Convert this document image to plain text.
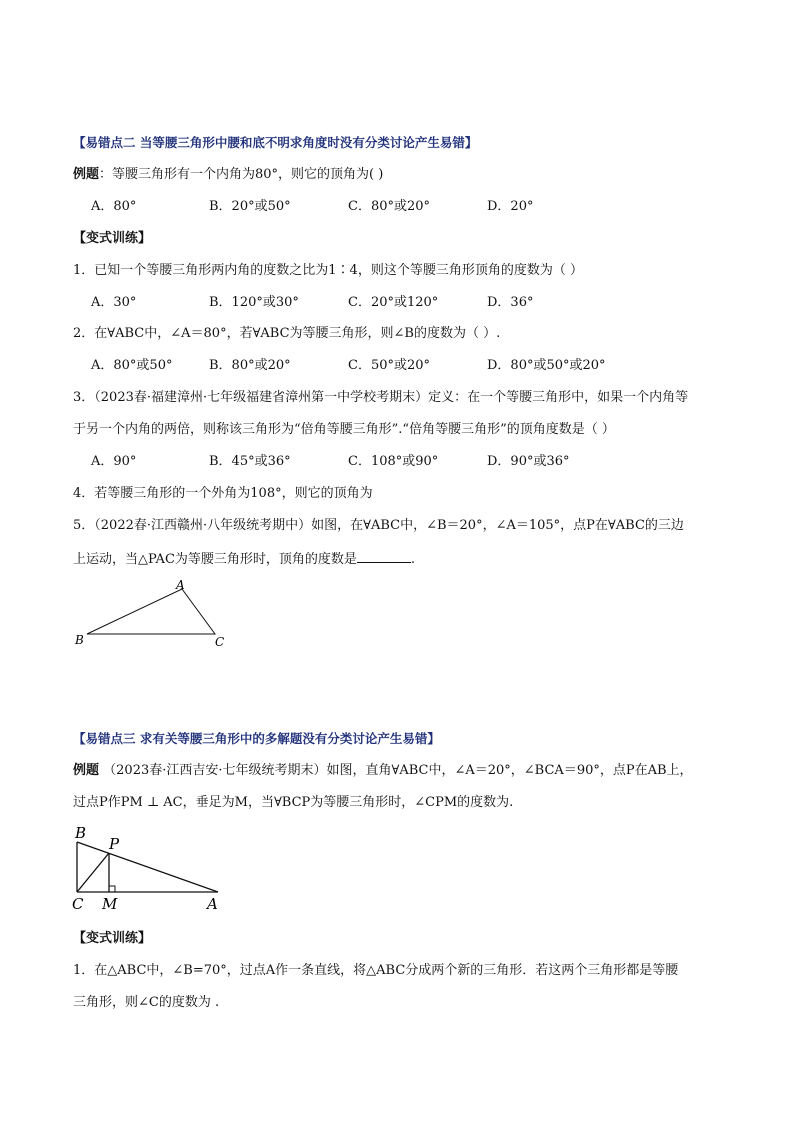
【易错点二 当等腰三角形中腰和底不明求角度时没有分类讨论产生易错】
例题：等腰三角形有一个内角为80°，则它的顶角为( )
A．80°	B．20°或50°	C．80°或20°	D．20°
【变式训练】
1．已知一个等腰三角形两内角的度数之比为1∶4，则这个等腰三角形顶角的度数为（ ）
A．30°	B．120°或30°	C．20°或120°	D．36°
2．在∀ABC中，∠A＝80°，若∀ABC为等腰三角形，则∠B的度数为（ ）.
A．80°或50°	B．80°或20°	C．50°或20°	D．80°或50°或20°
3．（2023春·福建漳州·七年级福建省漳州第一中学校考期末）定义：在一个等腰三角形中，如果一个内角等
于另一个内角的两倍，则称该三角形为“倍角等腰三角形”.“倍角等腰三角形”的顶角度数是（ ）
A．90°	B．45°或36°	C．108°或90°	D．90°或36°
4．若等腰三角形的一个外角为108°，则它的顶角为
5．（2022春·江西赣州·八年级统考期中）如图，在∀ABC中，∠B＝20°，∠A＝105°，点P在∀ABC的三边
上运动，当△PAC为等腰三角形时，顶角的度数是	.
A
B	C
【易错点三 求有关等腰三角形中的多解题没有分类讨论产生易错】
例题 （2023春·江西吉安·七年级统考期末）如图，直角∀ABC中，∠A＝20°，∠BCA＝90°，点P在AB上，
过点P作PM ⊥ AC，垂足为M，当∀BCP为等腰三角形时，∠CPM的度数为.
B
P
C M	A
【变式训练】
1．在△ABC中，∠B=70°，过点A作一条直线，将△ABC分成两个新的三角形．若这两个三角形都是等腰
三角形，则∠C的度数为 .
